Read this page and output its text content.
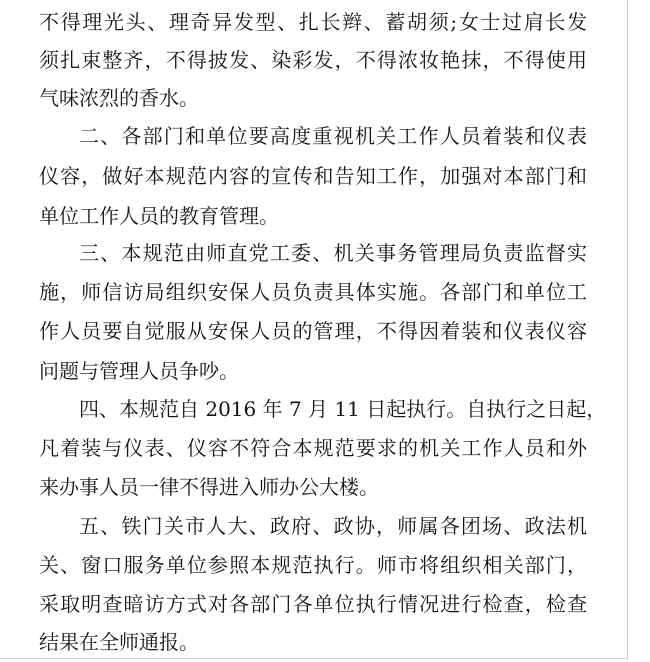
不得理光头、理奇异发型、扎长辫、蓄胡须;女士过肩长发
须扎束整齐，不得披发、染彩发，不得浓妆艳抹，不得使用
气味浓烈的香水。
二、各部门和单位要高度重视机关工作人员着装和仪表
仪容，做好本规范内容的宣传和告知工作，加强对本部门和
单位工作人员的教育管理。
三、本规范由师直党工委、机关事务管理局负责监督实
施，师信访局组织安保人员负责具体实施。各部门和单位工
作人员要自觉服从安保人员的管理，不得因着装和仪表仪容
问题与管理人员争吵。
四、本规范自 2016 年 7 月 11 日起执行。自执行之日起，
凡着装与仪表、仪容不符合本规范要求的机关工作人员和外
来办事人员一律不得进入师办公大楼。
五、铁门关市人大、政府、政协，师属各团场、政法机
关、窗口服务单位参照本规范执行。师市将组织相关部门，
采取明查暗访方式对各部门各单位执行情况进行检查，检查
结果在全师通报。
